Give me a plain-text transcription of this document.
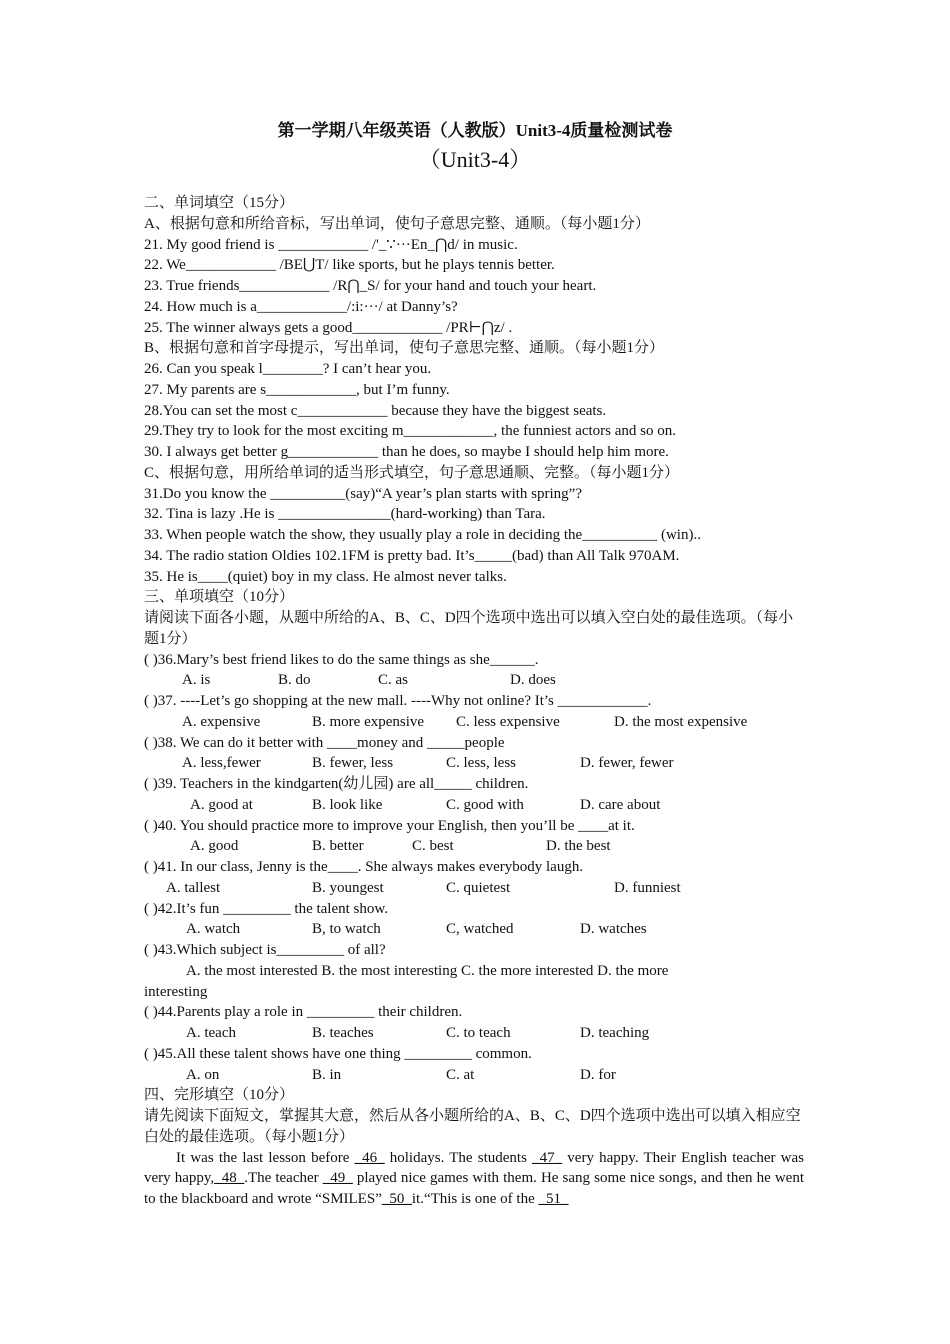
第一学期八年级英语（人教版）Unit3-4质量检测试卷
（Unit3-4）
二、单词填空（15分）
A、根据句意和所给音标，写出单词，使句子意思完整、通顺。（每小题1分）
21. My good friend is ____________ /'_∵···En_⋂d/ in music.
22. We____________ /BE⋃T/ like sports, but he plays tennis better.
23. True friends____________ /R⋂_S/ for your hand and touch your heart.
24. How much is a____________/:i:···/ at Danny’s?
25. The winner always gets a good____________ /PR⊢⋂z/ .
B、根据句意和首字母提示，写出单词，使句子意思完整、通顺。（每小题1分）
26. Can you speak l________? I can’t hear you.
27. My parents are s____________, but I’m funny.
28.You can set the most c____________ because they have the biggest seats.
29.They try to look for the most exciting m____________, the funniest actors and so on.
30. I always get better g____________ than he does, so maybe I should help him more.
C、根据句意，用所给单词的适当形式填空，句子意思通顺、完整。（每小题1分）
31.Do you know the __________(say)“A year’s plan starts with spring”?
32. Tina is lazy .He is _______________(hard-working) than Tara.
33. When people watch the show, they usually play a role in deciding the__________ (win)..
34. The radio station Oldies 102.1FM is pretty bad. It’s_____(bad) than All Talk 970AM.
35. He is____(quiet) boy in my class. He almost never talks.
三、单项填空（10分）
请阅读下面各小题，从题中所给的A、B、C、D四个选项中选出可以填入空白处的最佳选项。（每小题1分）
( )36.Mary’s best friend likes to do the same things as she______.
A. is	B. do	C. as	D. does
( )37. ----Let’s go shopping at the new mall. ----Why not online? It’s ____________.
A. expensive	B. more expensive	C. less expensive	D. the most expensive
( )38. We can do it better with ____money and _____people
A. less,fewer	B. fewer, less	C. less, less	D. fewer, fewer
( )39. Teachers in the kindgarten(幼儿园) are all_____ children.
A. good at	B. look like	C. good with	D. care about
( )40. You should practice more to improve your English, then you’ll be ____at it.
A. good	B. better	C. best	D. the best
( )41. In our class, Jenny is the____. She always makes everybody laugh.
A. tallest	B. youngest	C. quietest	D. funniest
( )42.It’s fun _________ the talent show.
A. watch	B, to watch	C, watched	D. watches
( )43.Which subject is_________ of all?
A. the most interested B. the most interesting C. the more interested D. the more
interesting
( )44.Parents play a role in _________ their children.
A. teach	B. teaches	C. to teach	D. teaching
( )45.All these talent shows have one thing _________ common.
A. on	B. in	C. at	D. for
四、完形填空（10分）
请先阅读下面短文，掌握其大意，然后从各小题所给的A、B、C、D四个选项中选出可以填入相应空白处的最佳选项。（每小题1分）
It was the last lesson before _46_ holidays. The students _47_ very happy. Their English teacher was very happy,_48_.The teacher _49_ played nice games with them. He sang some nice songs, and then he went to the blackboard and wrote “SMILES”_50_it.“This is one of the _51_
